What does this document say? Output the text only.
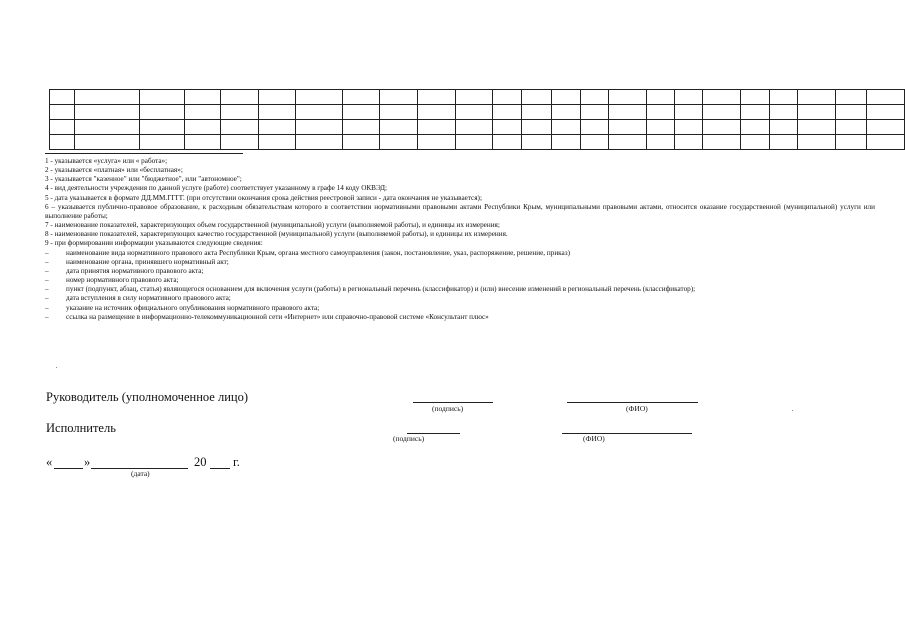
1 - указывается «услуга» или « работа»;

2 - указывается «платная» или «бесплатная»;

3 - указывается "казенное" или "бюджетное", или "автономное";

4 - вид деятельности учреждения по данной услуге (работе) соответствует указанному в графе 14 коду ОКВЭД;

5 - дата указывается в формате ДД.ММ.ГГГГ. (при отсутствии окончания срока действия реестровой записи - дата окончания не указывается);

6 – указывается публично-правовое образование, к расходным обязательствам которого в соответствии нормативными правовыми актами Республики Крым, муниципальными правовыми актами, относится оказание государственной (муниципальной) услуги или выполнение работы;

7 - наименование показателей, характеризующих объем государственной (муниципальной) услуги (выполняемой работы), и единицы их измерения;

8 - наименование показателей, характеризующих качество государственной (муниципальной) услуги (выполняемой работы), и единицы их измерения.

9 - при формировании информации указываются следующие сведения:

–	наименование вида нормативного правового акта Республики Крым, органа местного самоуправления (закон, постановление, указ, распоряжение, решение, приказ)
–	наименование органа, принявшего нормативный акт;
–	дата принятия нормативного правового акта;
–	номер нормативного правового акта;
–	пункт (подпункт, абзац, статья) являющегося основанием для включения услуги (работы) в региональный перечень (классификатор) и (или) внесение изменений в региональный перечень (классификатор);
–	дата вступления в силу нормативного правового акта;
–	указание на источник официального опубликования нормативного правового акта;
–	ссылка на размещение в информационно-телекоммуникационной сети «Интернет» или справочно-правовой системе «Консультант плюс»
Руководитель (уполномоченное лицо)
(подпись)	(ФИО)
Исполнитель
(подпись)	(ФИО)
«	»	20 г.
(дата)
